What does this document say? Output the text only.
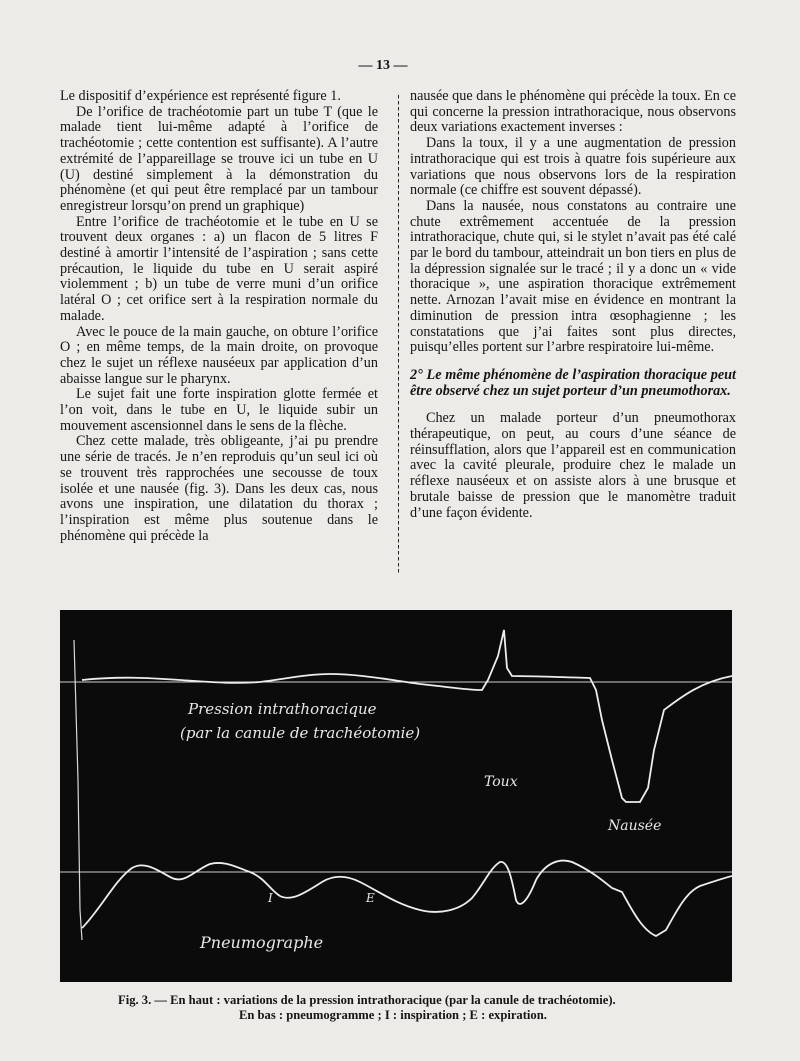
— 13 —

Le dispositif d’expérience est représenté figure 1.

De l’orifice de trachéotomie part un tube T (que le malade tient lui-même adapté à l’orifice de trachéotomie ; cette contention est suffisante). A l’autre extrémité de l’appareillage se trouve ici un tube en U (U) destiné simplement à la démonstration du phénomène (et qui peut être remplacé par un tambour enregistreur lorsqu’on prend un graphique)

Entre l’orifice de trachéotomie et le tube en U se trouvent deux organes : a) un flacon de 5 litres F destiné à amortir l’intensité de l’aspiration ; sans cette précaution, le liquide du tube en U serait aspiré violemment ; b) un tube de verre muni d’un orifice latéral O ; cet orifice sert à la respiration normale du malade.

Avec le pouce de la main gauche, on obture l’orifice O ; en même temps, de la main droite, on provoque chez le sujet un réflexe nauséeux par application d’un abaisse langue sur le pharynx.

Le sujet fait une forte inspiration glotte fermée et l’on voit, dans le tube en U, le liquide subir un mouvement ascensionnel dans le sens de la flèche.

Chez cette malade, très obligeante, j’ai pu prendre une série de tracés. Je n’en reproduis qu’un seul ici où se trouvent très rapprochées une secousse de toux isolée et une nausée (fig. 3). Dans les deux cas, nous avons une inspiration, une dilatation du thorax ; l’inspiration est même plus soutenue dans le phénomène qui précède la

nausée que dans le phénomène qui précède la toux. En ce qui concerne la pression intrathoracique, nous observons deux variations exactement inverses :

Dans la toux, il y a une augmentation de pression intrathoracique qui est trois à quatre fois supérieure aux variations que nous observons lors de la respiration normale (ce chiffre est souvent dépassé).

Dans la nausée, nous constatons au contraire une chute extrêmement accentuée de la pression intrathoracique, chute qui, si le stylet n’avait pas été calé par le bord du tambour, atteindrait un bon tiers en plus de la dépression signalée sur le tracé ; il y a donc un « vide thoracique », une aspiration thoracique extrêmement nette. Arnozan l’avait mise en évidence en montrant la diminution de pression intra œsophagienne ; les constatations que j’ai faites sont plus directes, puisqu’elles portent sur l’arbre respiratoire lui-même.

2° Le même phénomène de l’aspiration thoracique peut être observé chez un sujet porteur d’un pneumothorax.

Chez un malade porteur d’un pneumothorax thérapeutique, on peut, au cours d’une séance de réinsufflation, alors que l’appareil est en communication avec la cavité pleurale, produire chez le malade un réflexe nauséeux et on assiste alors à une brusque et brutale baisse de pression que le manomètre traduit d’une façon évidente.

Pression intrathoracique
(par la canule de trachéotomie)
Toux
Nausée
I	E
Pneumographe
Fig. 3. — En haut : variations de la pression intrathoracique (par la canule de trachéotomie).
En bas : pneumogramme ; I : inspiration ; E : expiration.
